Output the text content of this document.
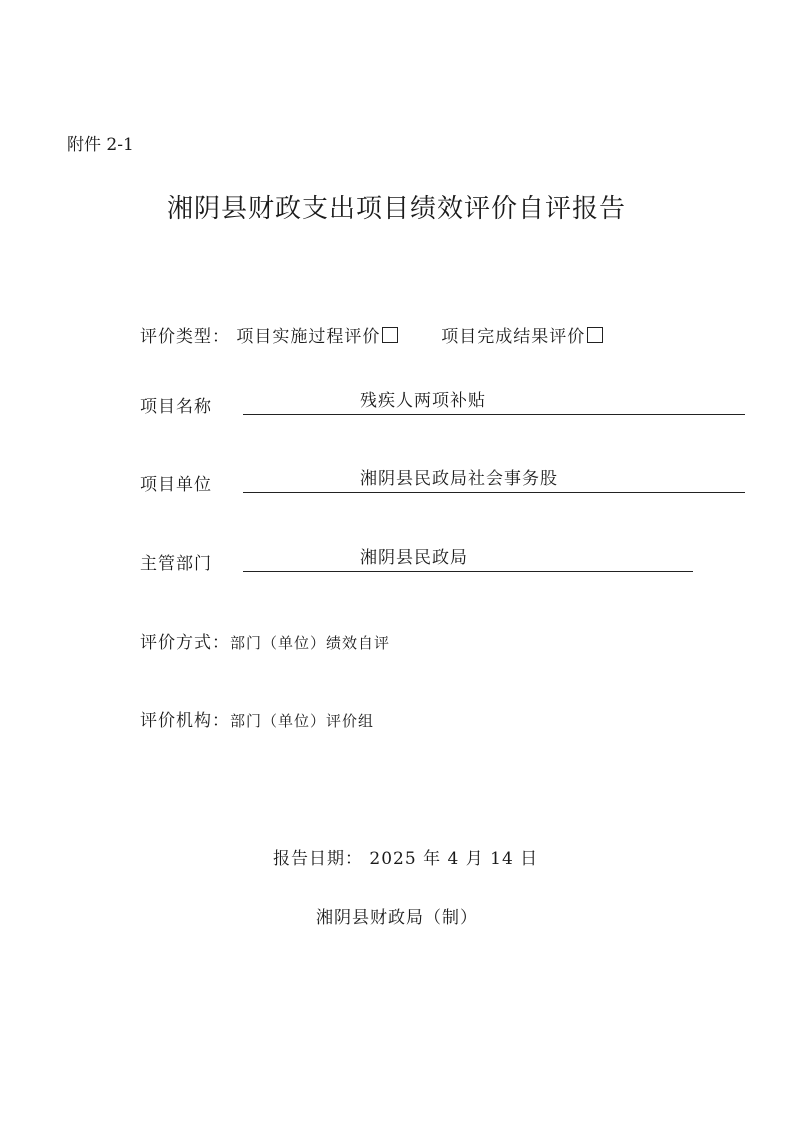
附件 2-1
湘阴县财政支出项目绩效评价自评报告
评价类型： 项目实施过程评价	项目完成结果评价
项目名称	残疾人两项补贴
项目单位	湘阴县民政局社会事务股
主管部门	湘阴县民政局
评价方式：部门（单位）绩效自评
评价机构：部门（单位）评价组
报告日期： 2025 年 4 月 14 日
湘阴县财政局（制）
